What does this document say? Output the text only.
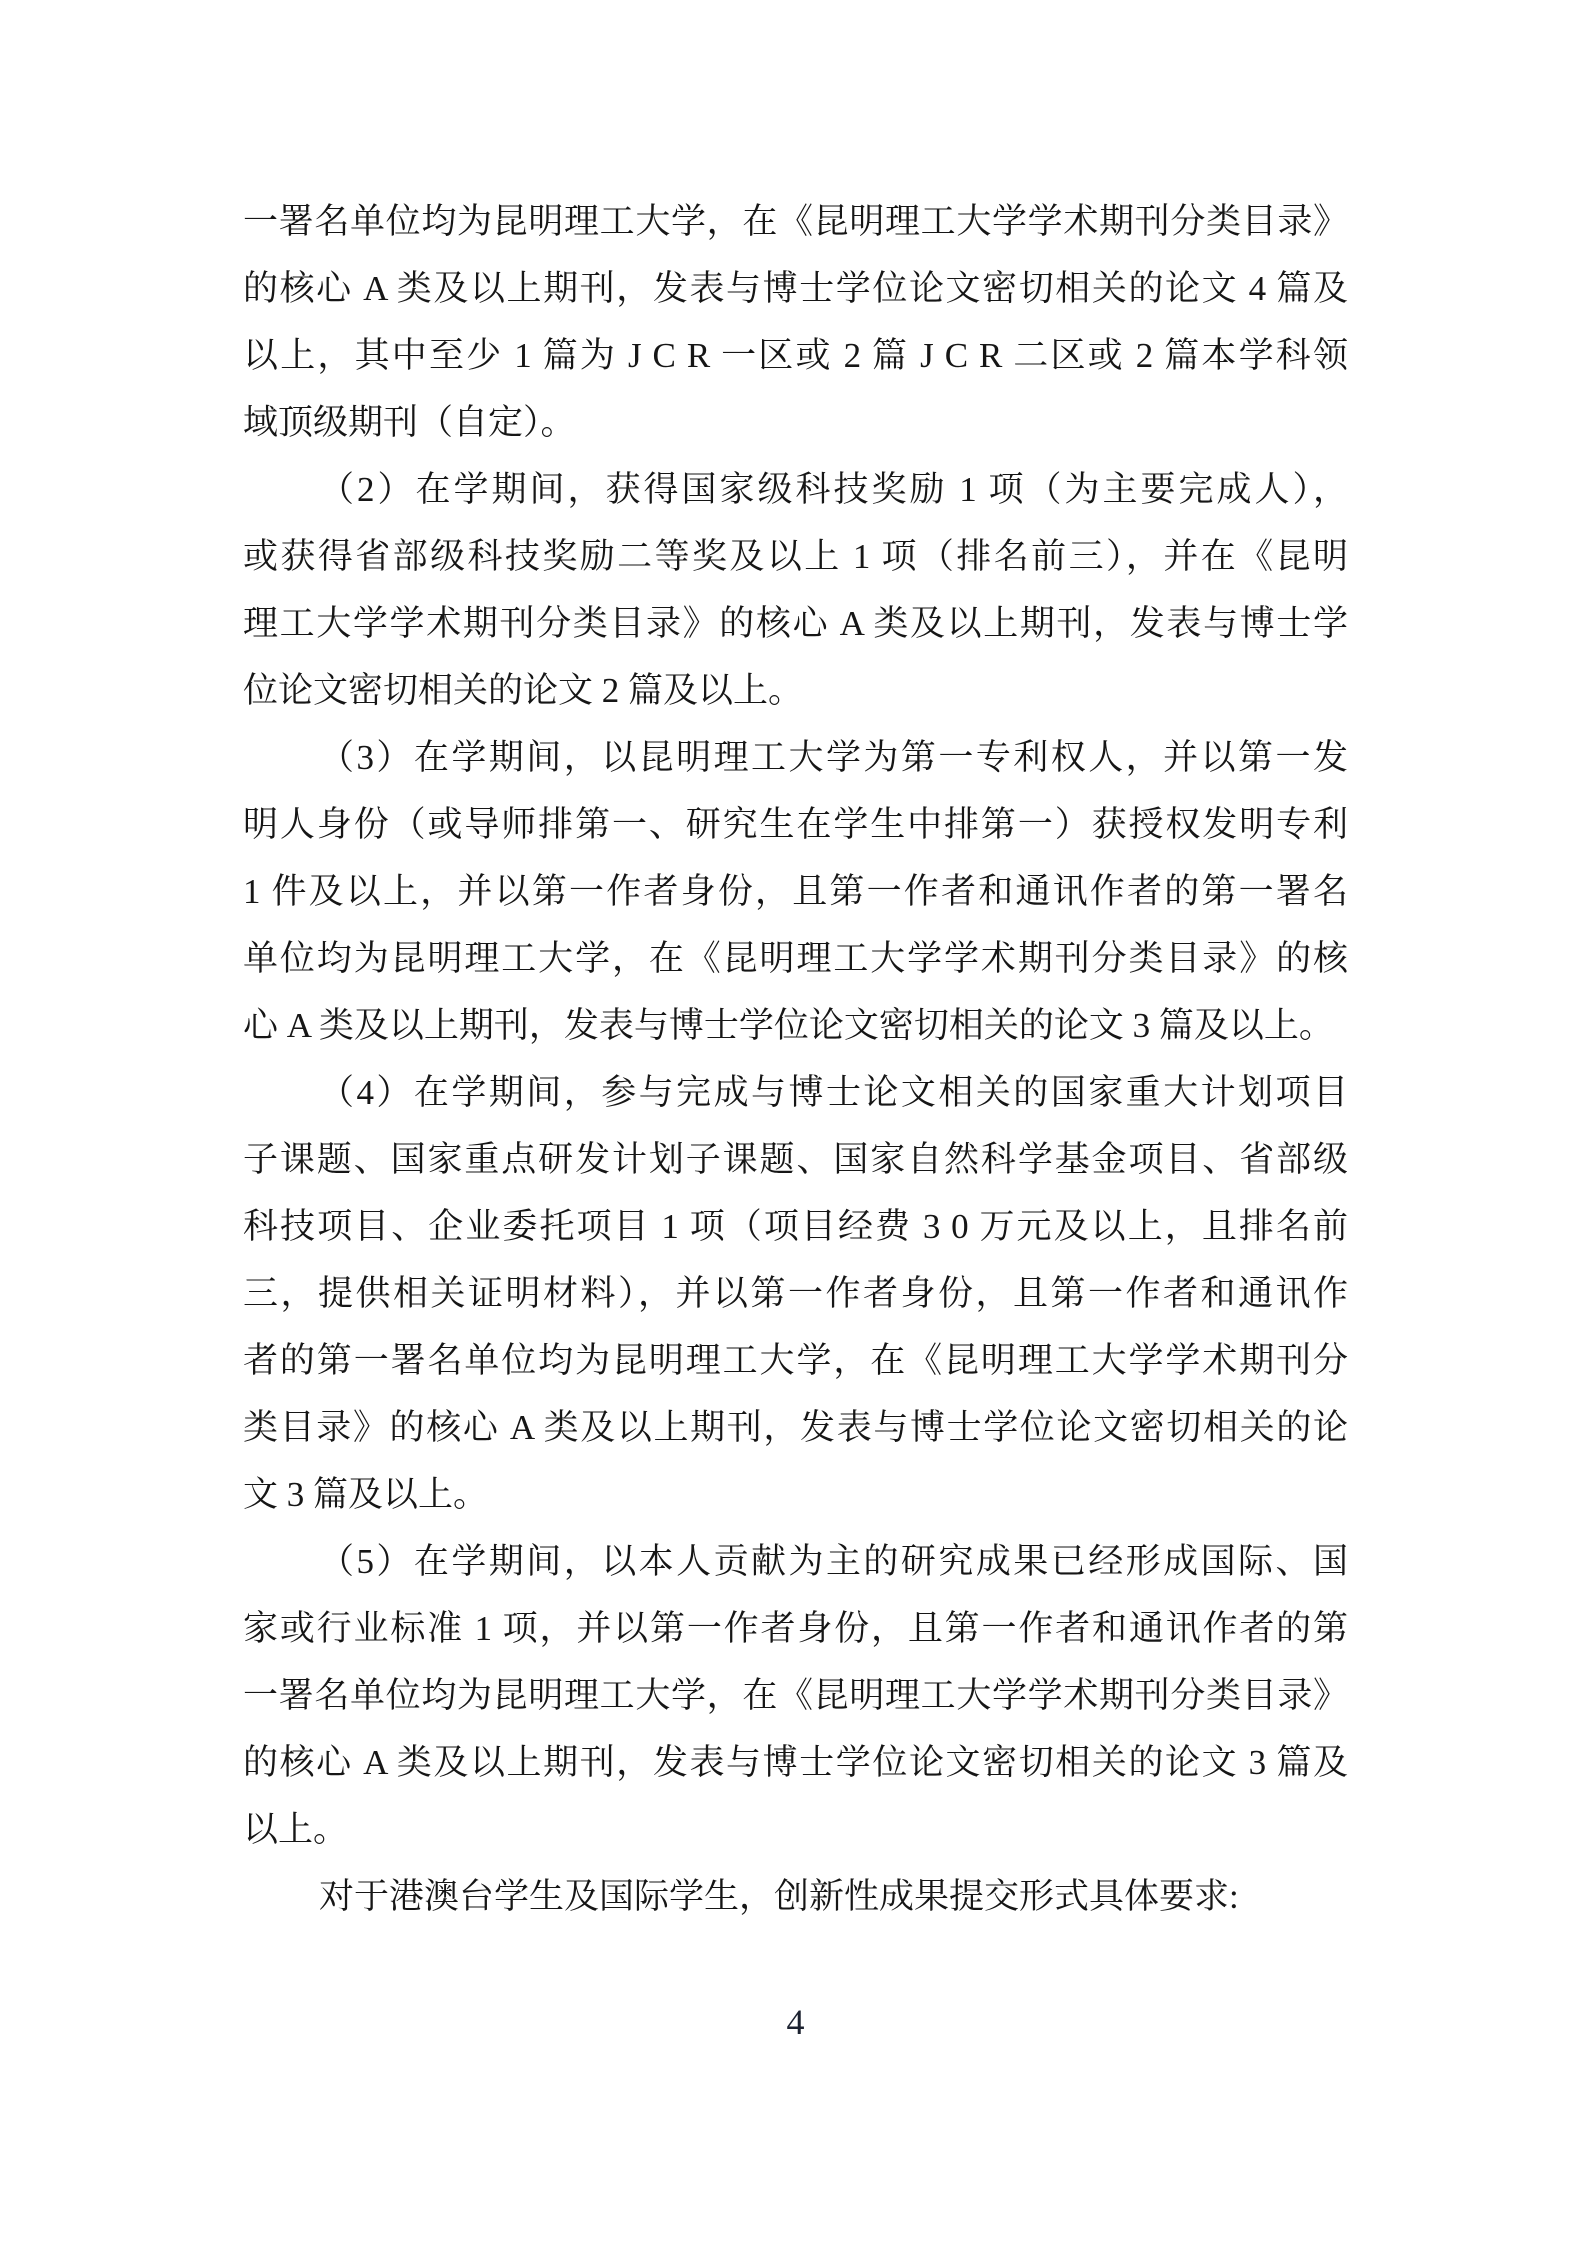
一署名单位均为昆明理工大学，在《昆明理工大学学术期刊分类目录》
的核心 A 类及以上期刊，发表与博士学位论文密切相关的论文 4 篇及
以上，其中至少 1 篇为 J C R 一区或 2 篇 J C R 二区或 2 篇本学科领
域顶级期刊（自定）。
（2）在学期间，获得国家级科技奖励 1 项（为主要完成人），
或获得省部级科技奖励二等奖及以上 1 项（排名前三），并在《昆明
理工大学学术期刊分类目录》的核心 A 类及以上期刊，发表与博士学
位论文密切相关的论文 2 篇及以上。
（3）在学期间，以昆明理工大学为第一专利权人，并以第一发
明人身份（或导师排第一、研究生在学生中排第一）获授权发明专利
1 件及以上，并以第一作者身份，且第一作者和通讯作者的第一署名
单位均为昆明理工大学，在《昆明理工大学学术期刊分类目录》的核
心 A 类及以上期刊，发表与博士学位论文密切相关的论文 3 篇及以上。
（4）在学期间，参与完成与博士论文相关的国家重大计划项目
子课题、国家重点研发计划子课题、国家自然科学基金项目、省部级
科技项目、企业委托项目 1 项（项目经费 3 0 万元及以上，且排名前
三，提供相关证明材料），并以第一作者身份，且第一作者和通讯作
者的第一署名单位均为昆明理工大学，在《昆明理工大学学术期刊分
类目录》的核心 A 类及以上期刊，发表与博士学位论文密切相关的论
文 3 篇及以上。
（5）在学期间，以本人贡献为主的研究成果已经形成国际、国
家或行业标准 1 项，并以第一作者身份，且第一作者和通讯作者的第
一署名单位均为昆明理工大学，在《昆明理工大学学术期刊分类目录》
的核心 A 类及以上期刊，发表与博士学位论文密切相关的论文 3 篇及
以上。
对于港澳台学生及国际学生，创新性成果提交形式具体要求:
4
